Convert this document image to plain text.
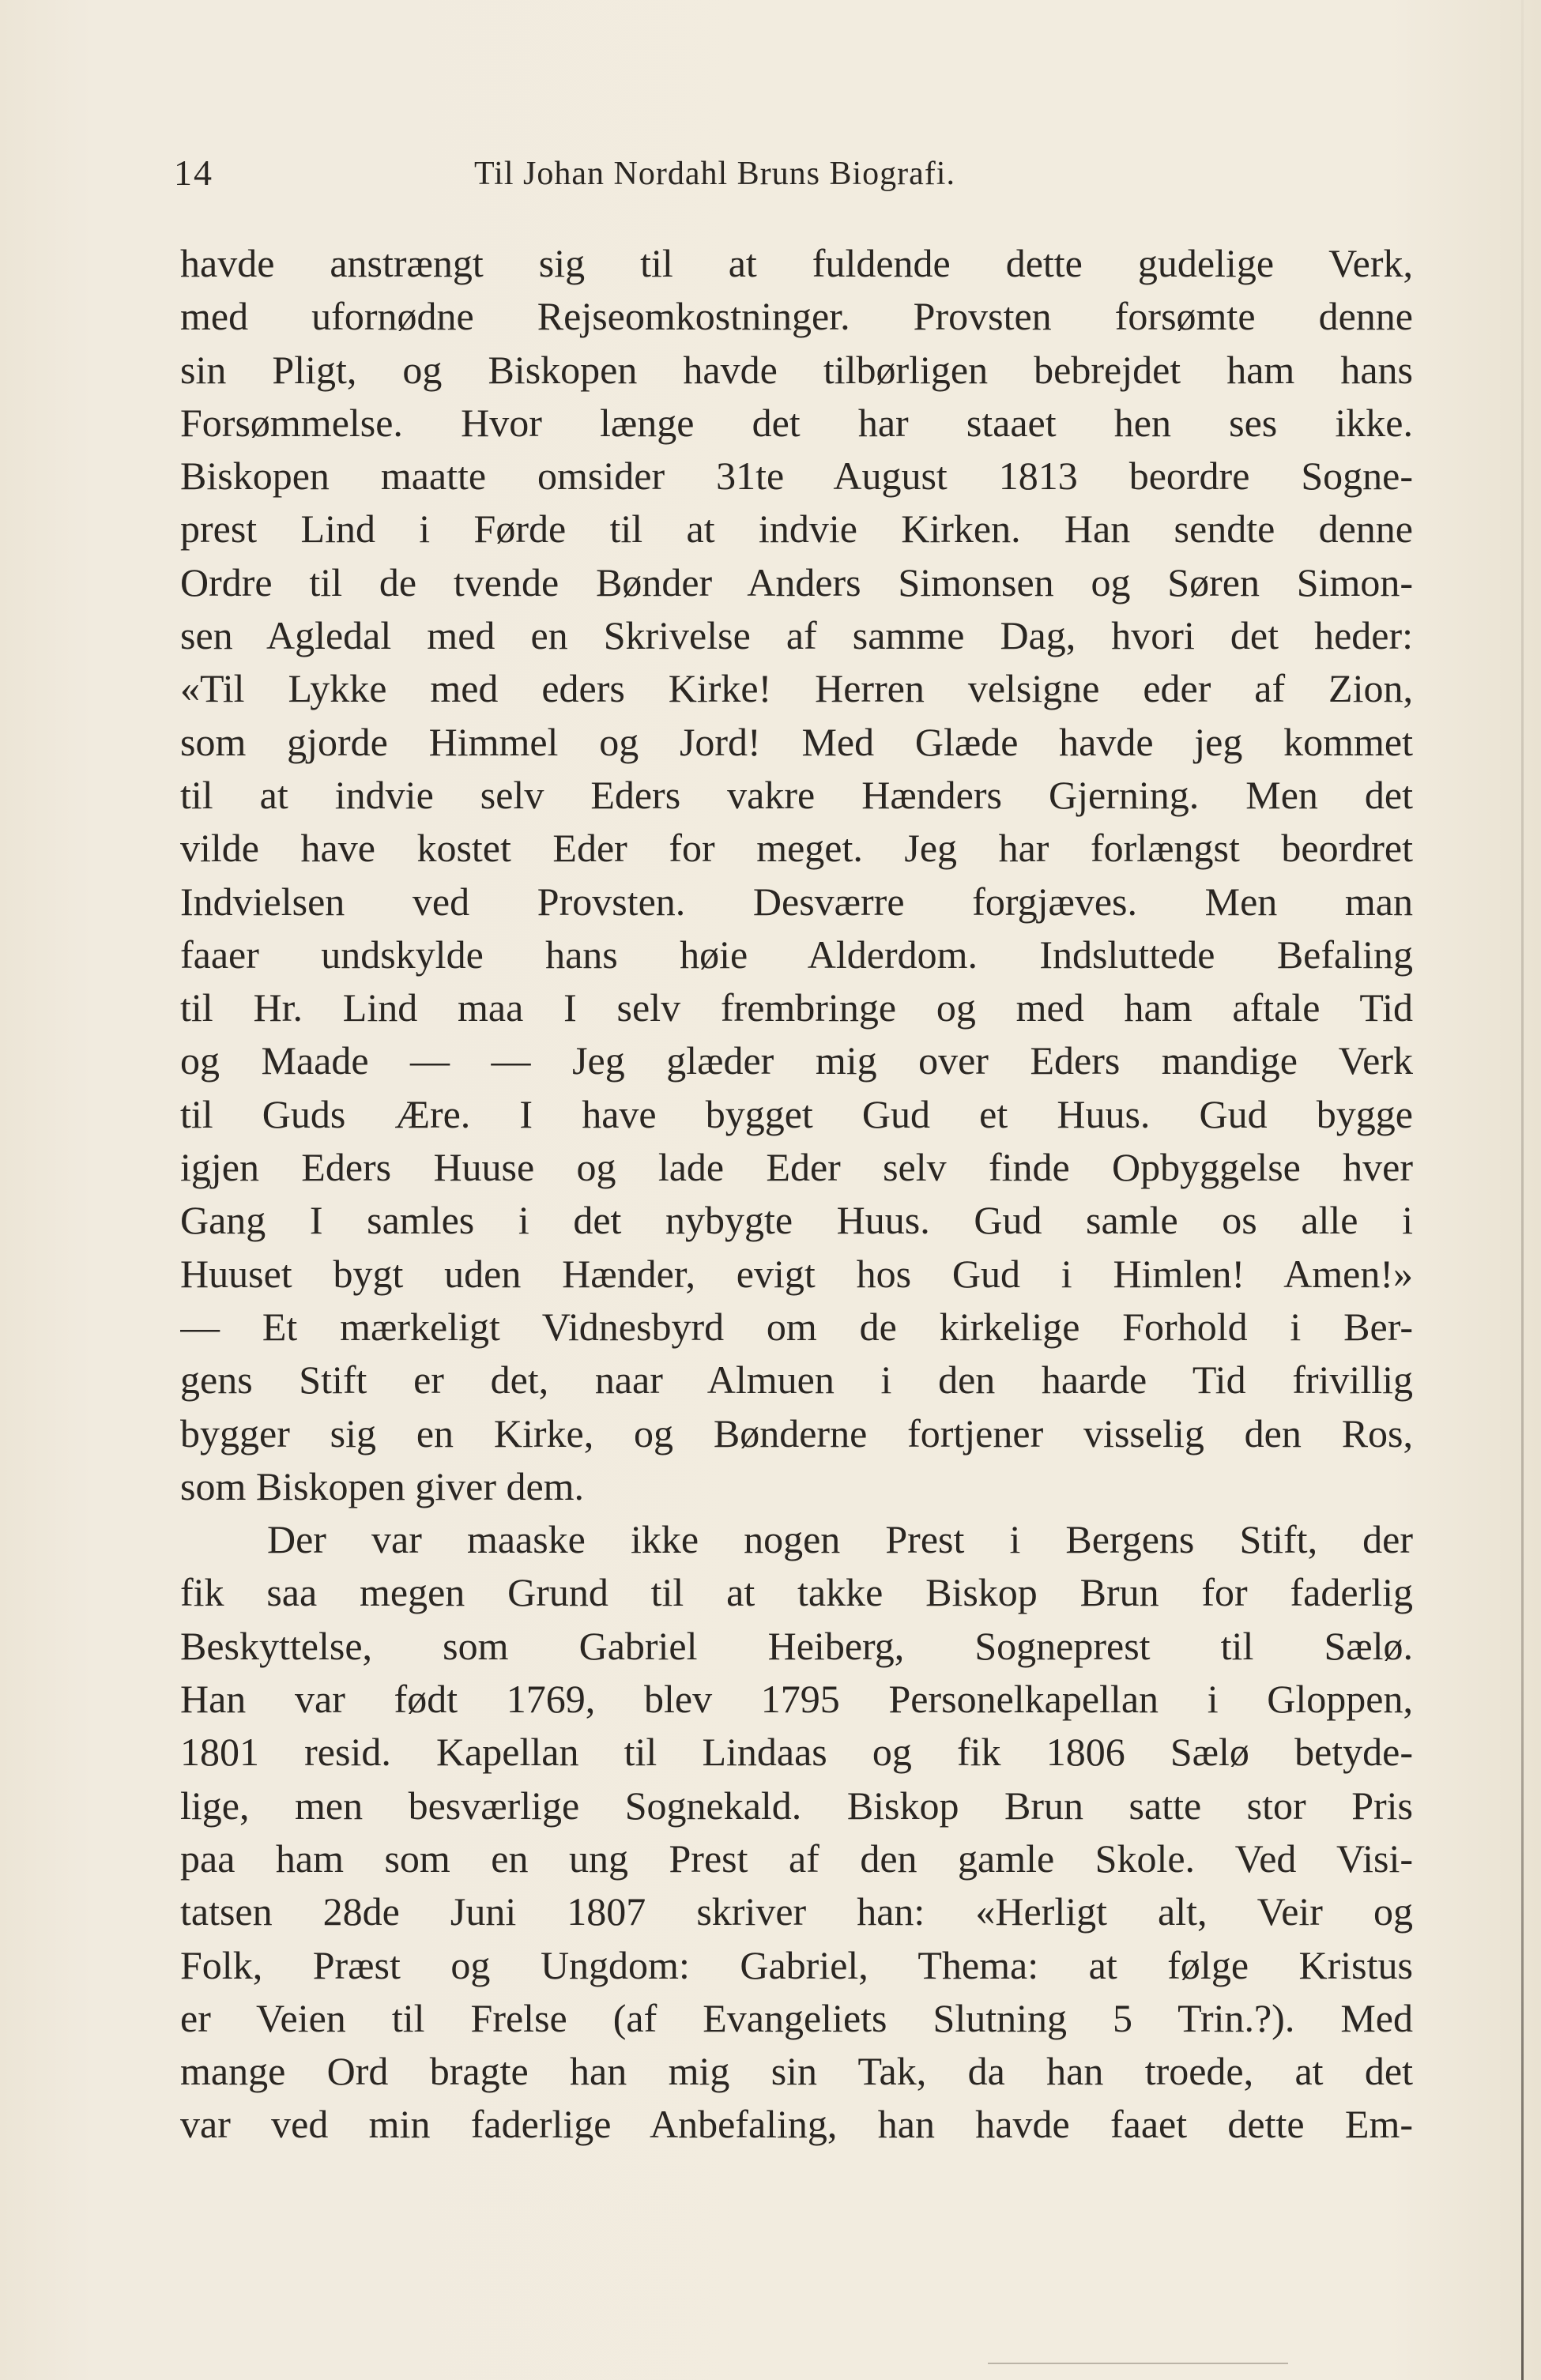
14	Til Johan Nordahl Bruns Biografi.
havde anstrængt sig til at fuldende dette gudelige Verk,
med ufornødne Rejseomkostninger. Provsten forsømte denne
sin Pligt, og Biskopen havde tilbørligen bebrejdet ham hans
Forsømmelse. Hvor længe det har staaet hen ses ikke.
Biskopen maatte omsider 31te August 1813 beordre Sogne-
prest Lind i Førde til at indvie Kirken. Han sendte denne
Ordre til de tvende Bønder Anders Simonsen og Søren Simon-
sen Agledal med en Skrivelse af samme Dag, hvori det heder:
«Til Lykke med eders Kirke! Herren velsigne eder af Zion,
som gjorde Himmel og Jord! Med Glæde havde jeg kommet
til at indvie selv Eders vakre Hænders Gjerning. Men det
vilde have kostet Eder for meget. Jeg har forlængst beordret
Indvielsen ved Provsten. Desværre forgjæves. Men man
faaer undskylde hans høie Alderdom. Indsluttede Befaling
til Hr. Lind maa I selv frembringe og med ham aftale Tid
og Maade — — Jeg glæder mig over Eders mandige Verk
til Guds Ære. I have bygget Gud et Huus. Gud bygge
igjen Eders Huuse og lade Eder selv finde Opbyggelse hver
Gang I samles i det nybygte Huus. Gud samle os alle i
Huuset bygt uden Hænder, evigt hos Gud i Himlen! Amen!»
— Et mærkeligt Vidnesbyrd om de kirkelige Forhold i Ber-
gens Stift er det, naar Almuen i den haarde Tid frivillig
bygger sig en Kirke, og Bønderne fortjener visselig den Ros,
som Biskopen giver dem.
Der var maaske ikke nogen Prest i Bergens Stift, der
fik saa megen Grund til at takke Biskop Brun for faderlig
Beskyttelse, som Gabriel Heiberg, Sogneprest til Sælø.
Han var født 1769, blev 1795 Personelkapellan i Gloppen,
1801 resid. Kapellan til Lindaas og fik 1806 Sælø betyde-
lige, men besværlige Sognekald. Biskop Brun satte stor Pris
paa ham som en ung Prest af den gamle Skole. Ved Visi-
tatsen 28de Juni 1807 skriver han: «Herligt alt, Veir og
Folk, Præst og Ungdom: Gabriel, Thema: at følge Kristus
er Veien til Frelse (af Evangeliets Slutning 5 Trin.?). Med
mange Ord bragte han mig sin Tak, da han troede, at det
var ved min faderlige Anbefaling, han havde faaet dette Em-
